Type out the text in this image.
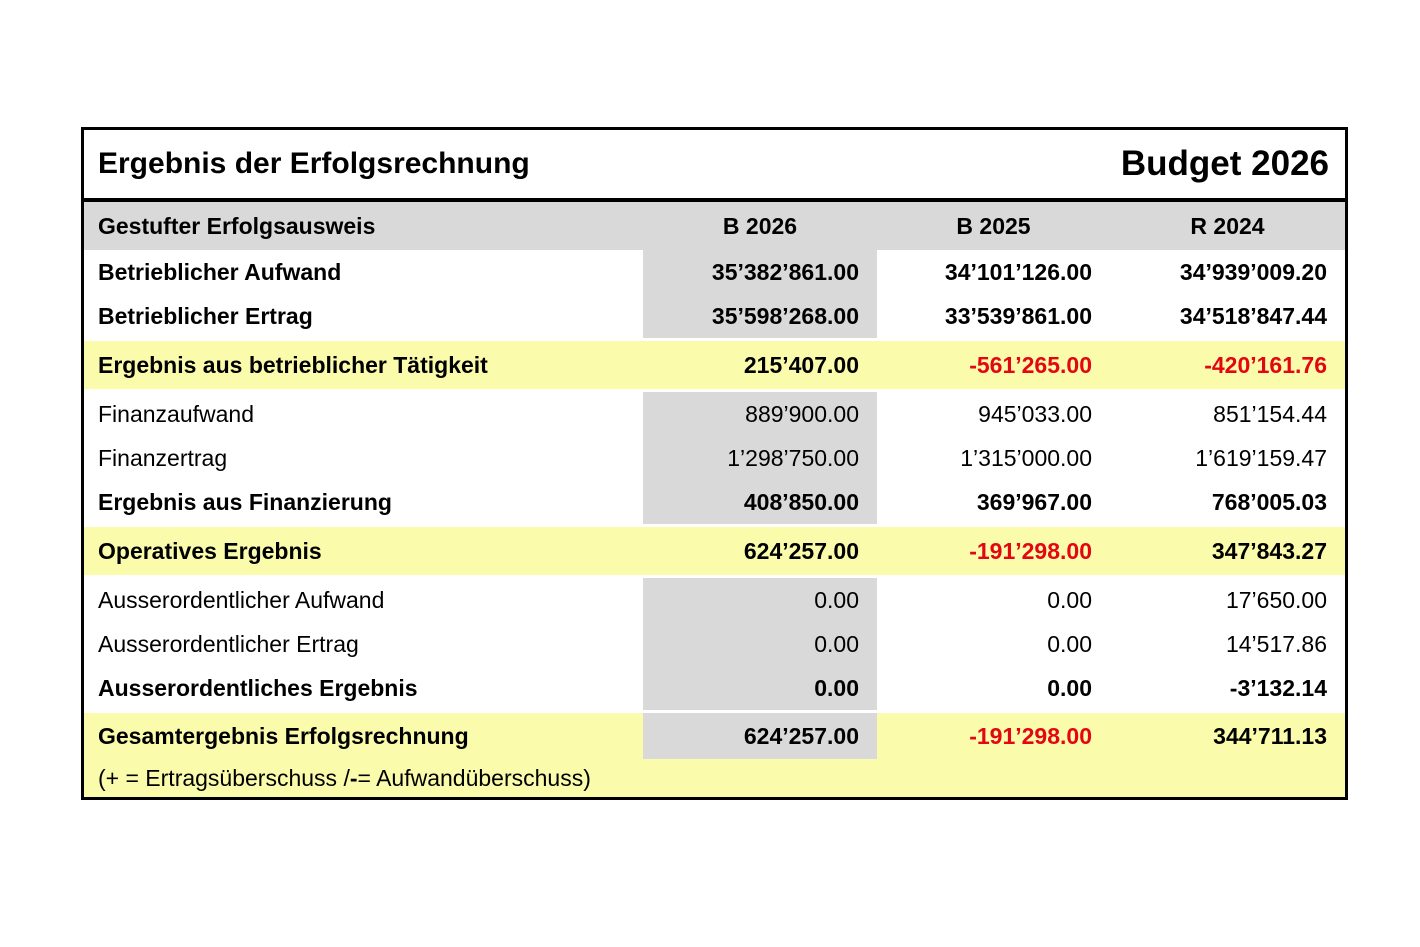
Ergebnis der Erfolgsrechnung	Budget 2026
Gestufter Erfolgsausweis	B 2026	B 2025	R 2024
Betrieblicher Aufwand	35’382’861.00	34’101’126.00	34’939’009.20
Betrieblicher Ertrag	35’598’268.00	33’539’861.00	34’518’847.44
Ergebnis aus betrieblicher Tätigkeit	215’407.00	-561’265.00	-420’161.76
Finanzaufwand	889’900.00	945’033.00	851’154.44
Finanzertrag	1’298’750.00	1’315’000.00	1’619’159.47
Ergebnis aus Finanzierung	408’850.00	369’967.00	768’005.03
Operatives Ergebnis	624’257.00	-191’298.00	347’843.27
Ausserordentlicher Aufwand	0.00	0.00	17’650.00
Ausserordentlicher Ertrag	0.00	0.00	14’517.86
Ausserordentliches Ergebnis	0.00	0.00	-3’132.14
Gesamtergebnis Erfolgsrechnung	624’257.00	-191’298.00	344’711.13
(+ = Ertragsüberschuss / - = Aufwandüberschuss)
